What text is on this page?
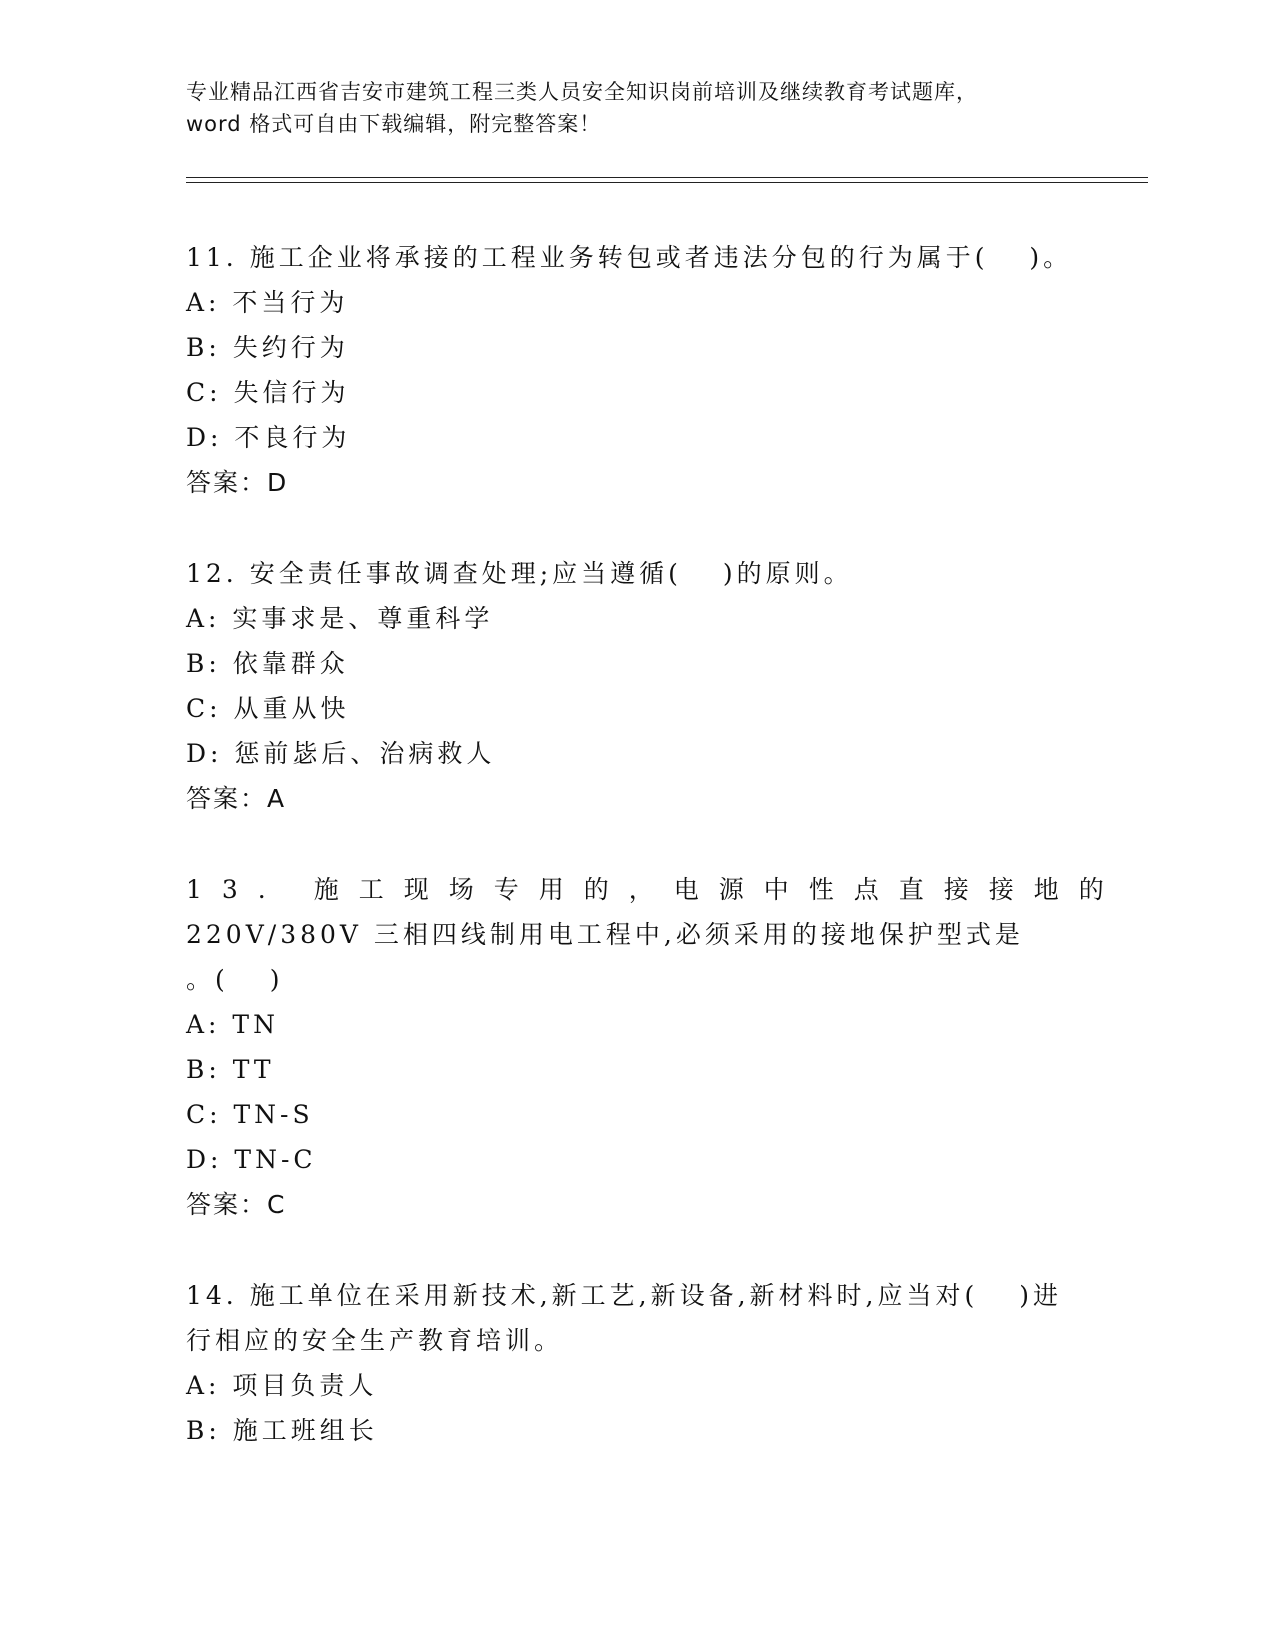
专业精品江西省吉安市建筑工程三类人员安全知识岗前培训及继续教育考试题库，
word 格式可自由下载编辑，附完整答案！
11. 施工企业将承接的工程业务转包或者违法分包的行为属于(　 )。
A: 不当行为
B: 失约行为
C: 失信行为
D: 不良行为
答案：D
12. 安全责任事故调查处理;应当遵循(　 )的原则。
A: 实事求是、尊重科学
B: 依靠群众
C: 从重从快
D: 惩前毖后、治病救人
答案：A
13. 施工现场专用的，电源中性点直接接地的
220V/380V 三相四线制用电工程中,必须采用的接地保护型式是
。(　 )
A: TN
B: TT
C: TN-S
D: TN-C
答案：C
14. 施工单位在采用新技术,新工艺,新设备,新材料时,应当对(　 )进
行相应的安全生产教育培训。
A: 项目负责人
B: 施工班组长
